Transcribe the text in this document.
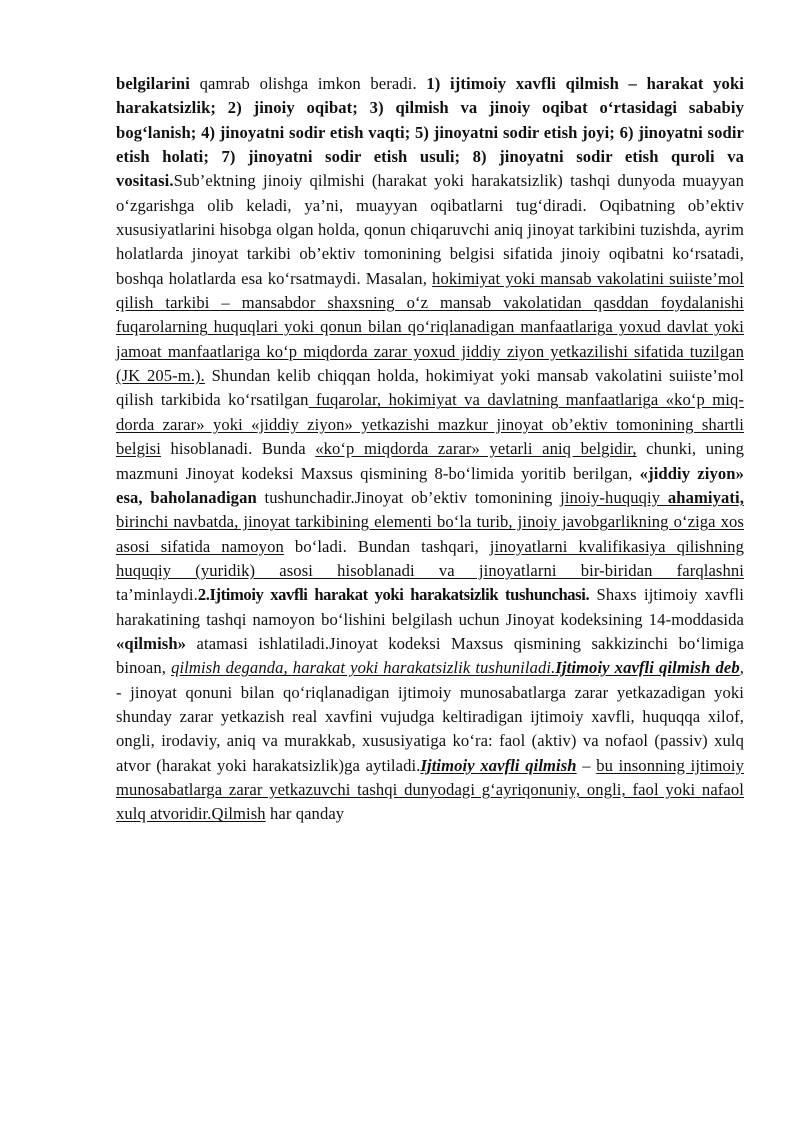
belgilarini qamrab olishga imkon beradi. 1) ijtimoiy xavfli qilmish – harakat yoki harakatsizlik; 2) jinoiy oqibat; 3) qilmish va jinoiy oqibat o‘rtasidagi sababiy bog‘lanish; 4) jinoyatni sodir etish vaqti; 5) jinoyatni sodir etish joyi; 6) jinoyatni sodir etish holati; 7) jinoyatni sodir etish usuli; 8) jinoyatni sodir etish quroli va vositasi.Sub’ektning jinoiy qilmishi (harakat yoki harakatsizlik) tashqi dunyoda muayyan o‘zgarishga olib keladi, ya’ni, muayyan oqibatlarni tug‘diradi. Oqibatning ob’ektiv xususiyatlarini hisobga olgan holda, qonun chiqaruvchi aniq jinoyat tarkibini tuzishda, ayrim holatlarda jinoyat tarkibi ob’ektiv tomonining belgisi sifatida jinoiy oqibatni ko‘rsatadi, boshqa holatlarda esa ko‘rsatmaydi. Masalan, hokimiyat yoki mansab vakolatini suiiste’mol qilish tarkibi – mansabdor shaxsning o‘z mansab vakolatidan qasddan foydalanishi fuqarolarning huquqlari yoki qonun bilan qo‘riqlanadigan manfaatlariga yoxud davlat yoki jamoat manfaatlariga ko‘p miqdorda zarar yoxud jiddiy ziyon yetkazilishi sifatida tuzilgan (JK 205-m.). Shundan kelib chiqqan holda, hokimiyat yoki mansab vakolatini suiiste’mol qilish tarkibida ko‘rsatilgan fuqarolar, hokimiyat va davlatning manfaatlariga «ko‘p miq-dorda zarar» yoki «jiddiy ziyon» yetkazishi mazkur jinoyat ob’ektiv tomonining shartli belgisi hisoblanadi. Bunda «ko‘p miqdorda zarar» yetarli aniq belgidir, chunki, uning mazmuni Jinoyat kodeksi Maxsus qismining 8-bo‘limida yoritib berilgan, «jiddiy ziyon» esa, baholanadigan tushunchadir.Jinoyat ob’ektiv tomonining jinoiy-huquqiy ahamiyati, birinchi navbatda, jinoyat tarkibining elementi bo‘la turib, jinoiy javobgarlikning o‘ziga xos asosi sifatida namoyon bo‘ladi. Bundan tashqari, jinoyatlarni kvalifikasiya qilishning huquqiy (yuridik) asosi hisoblanadi va jinoyatlarni bir-biridan farqlashni ta’minlaydi.2.Ijtimoiy xavfli harakat yoki harakatsizlik tushunchasi. Shaxs ijtimoiy xavfli harakatining tashqi namoyon bo‘lishini belgilash uchun Jinoyat kodeksining 14-moddasida «qilmish» atamasi ishlatiladi.Jinoyat kodeksi Maxsus qismining sakkizinchi bo‘limiga binoan, qilmish deganda, harakat yoki harakatsizlik tushuniladi.Ijtimoiy xavfli qilmish deb, - jinoyat qonuni bilan qo‘riqlanadigan ijtimoiy munosabatlarga zarar yetkazadigan yoki shunday zarar yetkazish real xavfini vujudga keltiradigan ijtimoiy xavfli, huquqqa xilof, ongli, irodaviy, aniq va murakkab, xususiyatiga ko‘ra: faol (aktiv) va nofaol (passiv) xulq atvor (harakat yoki harakatsizlik)ga aytiladi.Ijtimoiy xavfli qilmish – bu insonning ijtimoiy munosabatlarga zarar yetkazuvchi tashqi dunyodagi g‘ayriqonuniy, ongli, faol yoki nafaol xulq atvoridir.Qilmish har qanday
